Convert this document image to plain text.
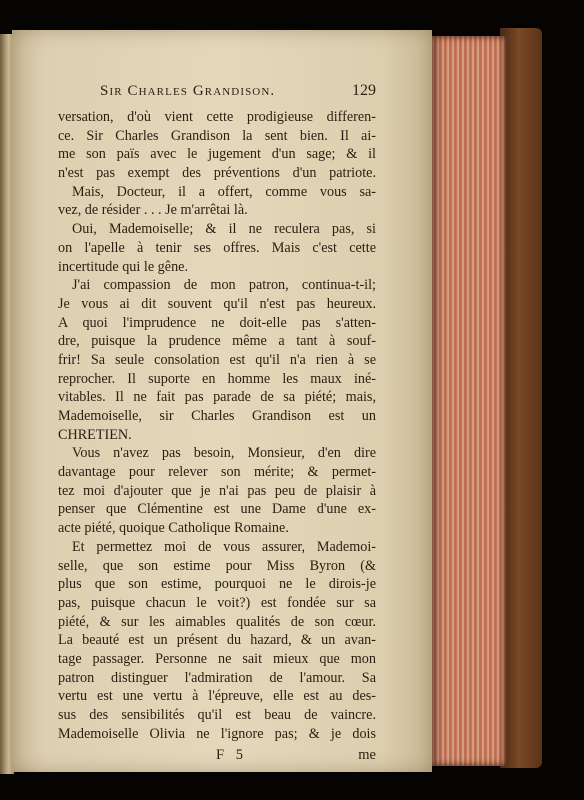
Sir Charles Grandison.	129
versation, d'où vient cette prodigieuse differen-
ce. Sir Charles Grandison la sent bien. Il ai-
me son païs avec le jugement d'un sage; & il
n'est pas exempt des préventions d'un patriote.
Mais, Docteur, il a offert, comme vous sa-
vez, de résider . . . Je m'arrêtai là.
Oui, Mademoiselle; & il ne reculera pas, si
on l'apelle à tenir ses offres. Mais c'est cette
incertitude qui le gêne.
J'ai compassion de mon patron, continua-t-il;
Je vous ai dit souvent qu'il n'est pas heureux.
A quoi l'imprudence ne doit-elle pas s'atten-
dre, puisque la prudence même a tant à souf-
frir! Sa seule consolation est qu'il n'a rien à se
reprocher. Il suporte en homme les maux iné-
vitables. Il ne fait pas parade de sa piété; mais,
Mademoiselle, sir Charles Grandison est un
CHRETIEN.
Vous n'avez pas besoin, Monsieur, d'en dire
davantage pour relever son mérite; & permet-
tez moi d'ajouter que je n'ai pas peu de plaisir à
penser que Clémentine est une Dame d'une ex-
acte piété, quoique Catholique Romaine.
Et permettez moi de vous assurer, Mademoi-
selle, que son estime pour Miss Byron (&
plus que son estime, pourquoi ne le dirois-je
pas, puisque chacun le voit?) est fondée sur sa
piété, & sur les aimables qualités de son cœur.
La beauté est un présent du hazard, & un avan-
tage passager. Personne ne sait mieux que mon
patron distinguer l'admiration de l'amour. Sa
vertu est une vertu à l'épreuve, elle est au des-
sus des sensibilités qu'il est beau de vaincre.
Mademoiselle Olivia ne l'ignore pas; & je dois
F 5	me
